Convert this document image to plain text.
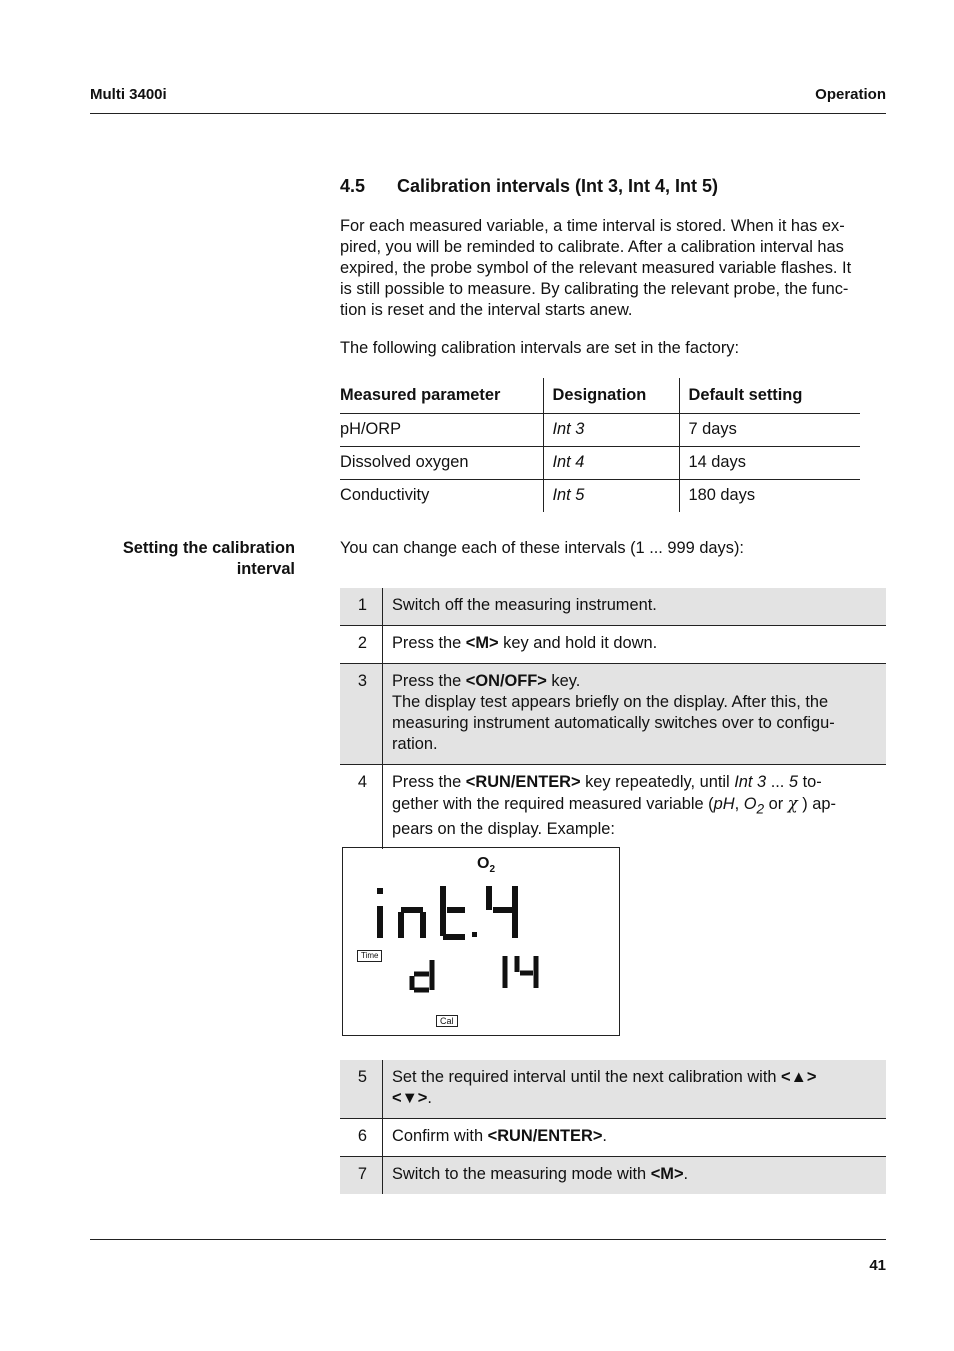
Multi 3400i	Operation
4.5 Calibration intervals (Int 3, Int 4, Int 5)
For each measured variable, a time interval is stored. When it has ex-
pired, you will be reminded to calibrate. After a calibration interval has
expired, the probe symbol of the relevant measured variable flashes. It
is still possible to measure. By calibrating the relevant probe, the func-
tion is reset and the interval starts anew.
The following calibration intervals are set in the factory:
Measured parameter	Designation	Default setting
pH/ORP	Int 3	7 days
Dissolved oxygen	Int 4	14 days
Conductivity	Int 5	180 days
Setting the calibration
interval
You can change each of these intervals (1 ... 999 days):
1	Switch off the measuring instrument.
2	Press the <M> key and hold it down.
3	Press the <ON/OFF> key.
The display test appears briefly on the display. After this, the
measuring instrument automatically switches over to configu-
ration.
4	Press the <RUN/ENTER> key repeatedly, until Int 3 ... 5 to-
gether with the required measured variable (pH, $O_2$ or χ ) ap-
pears on the display. Example:
$O_2$
Time
Cal
5	Set the required interval until the next calibration with <▲>
<▼>.
6	Confirm with <RUN/ENTER>.
7	Switch to the measuring mode with <M>.
41
